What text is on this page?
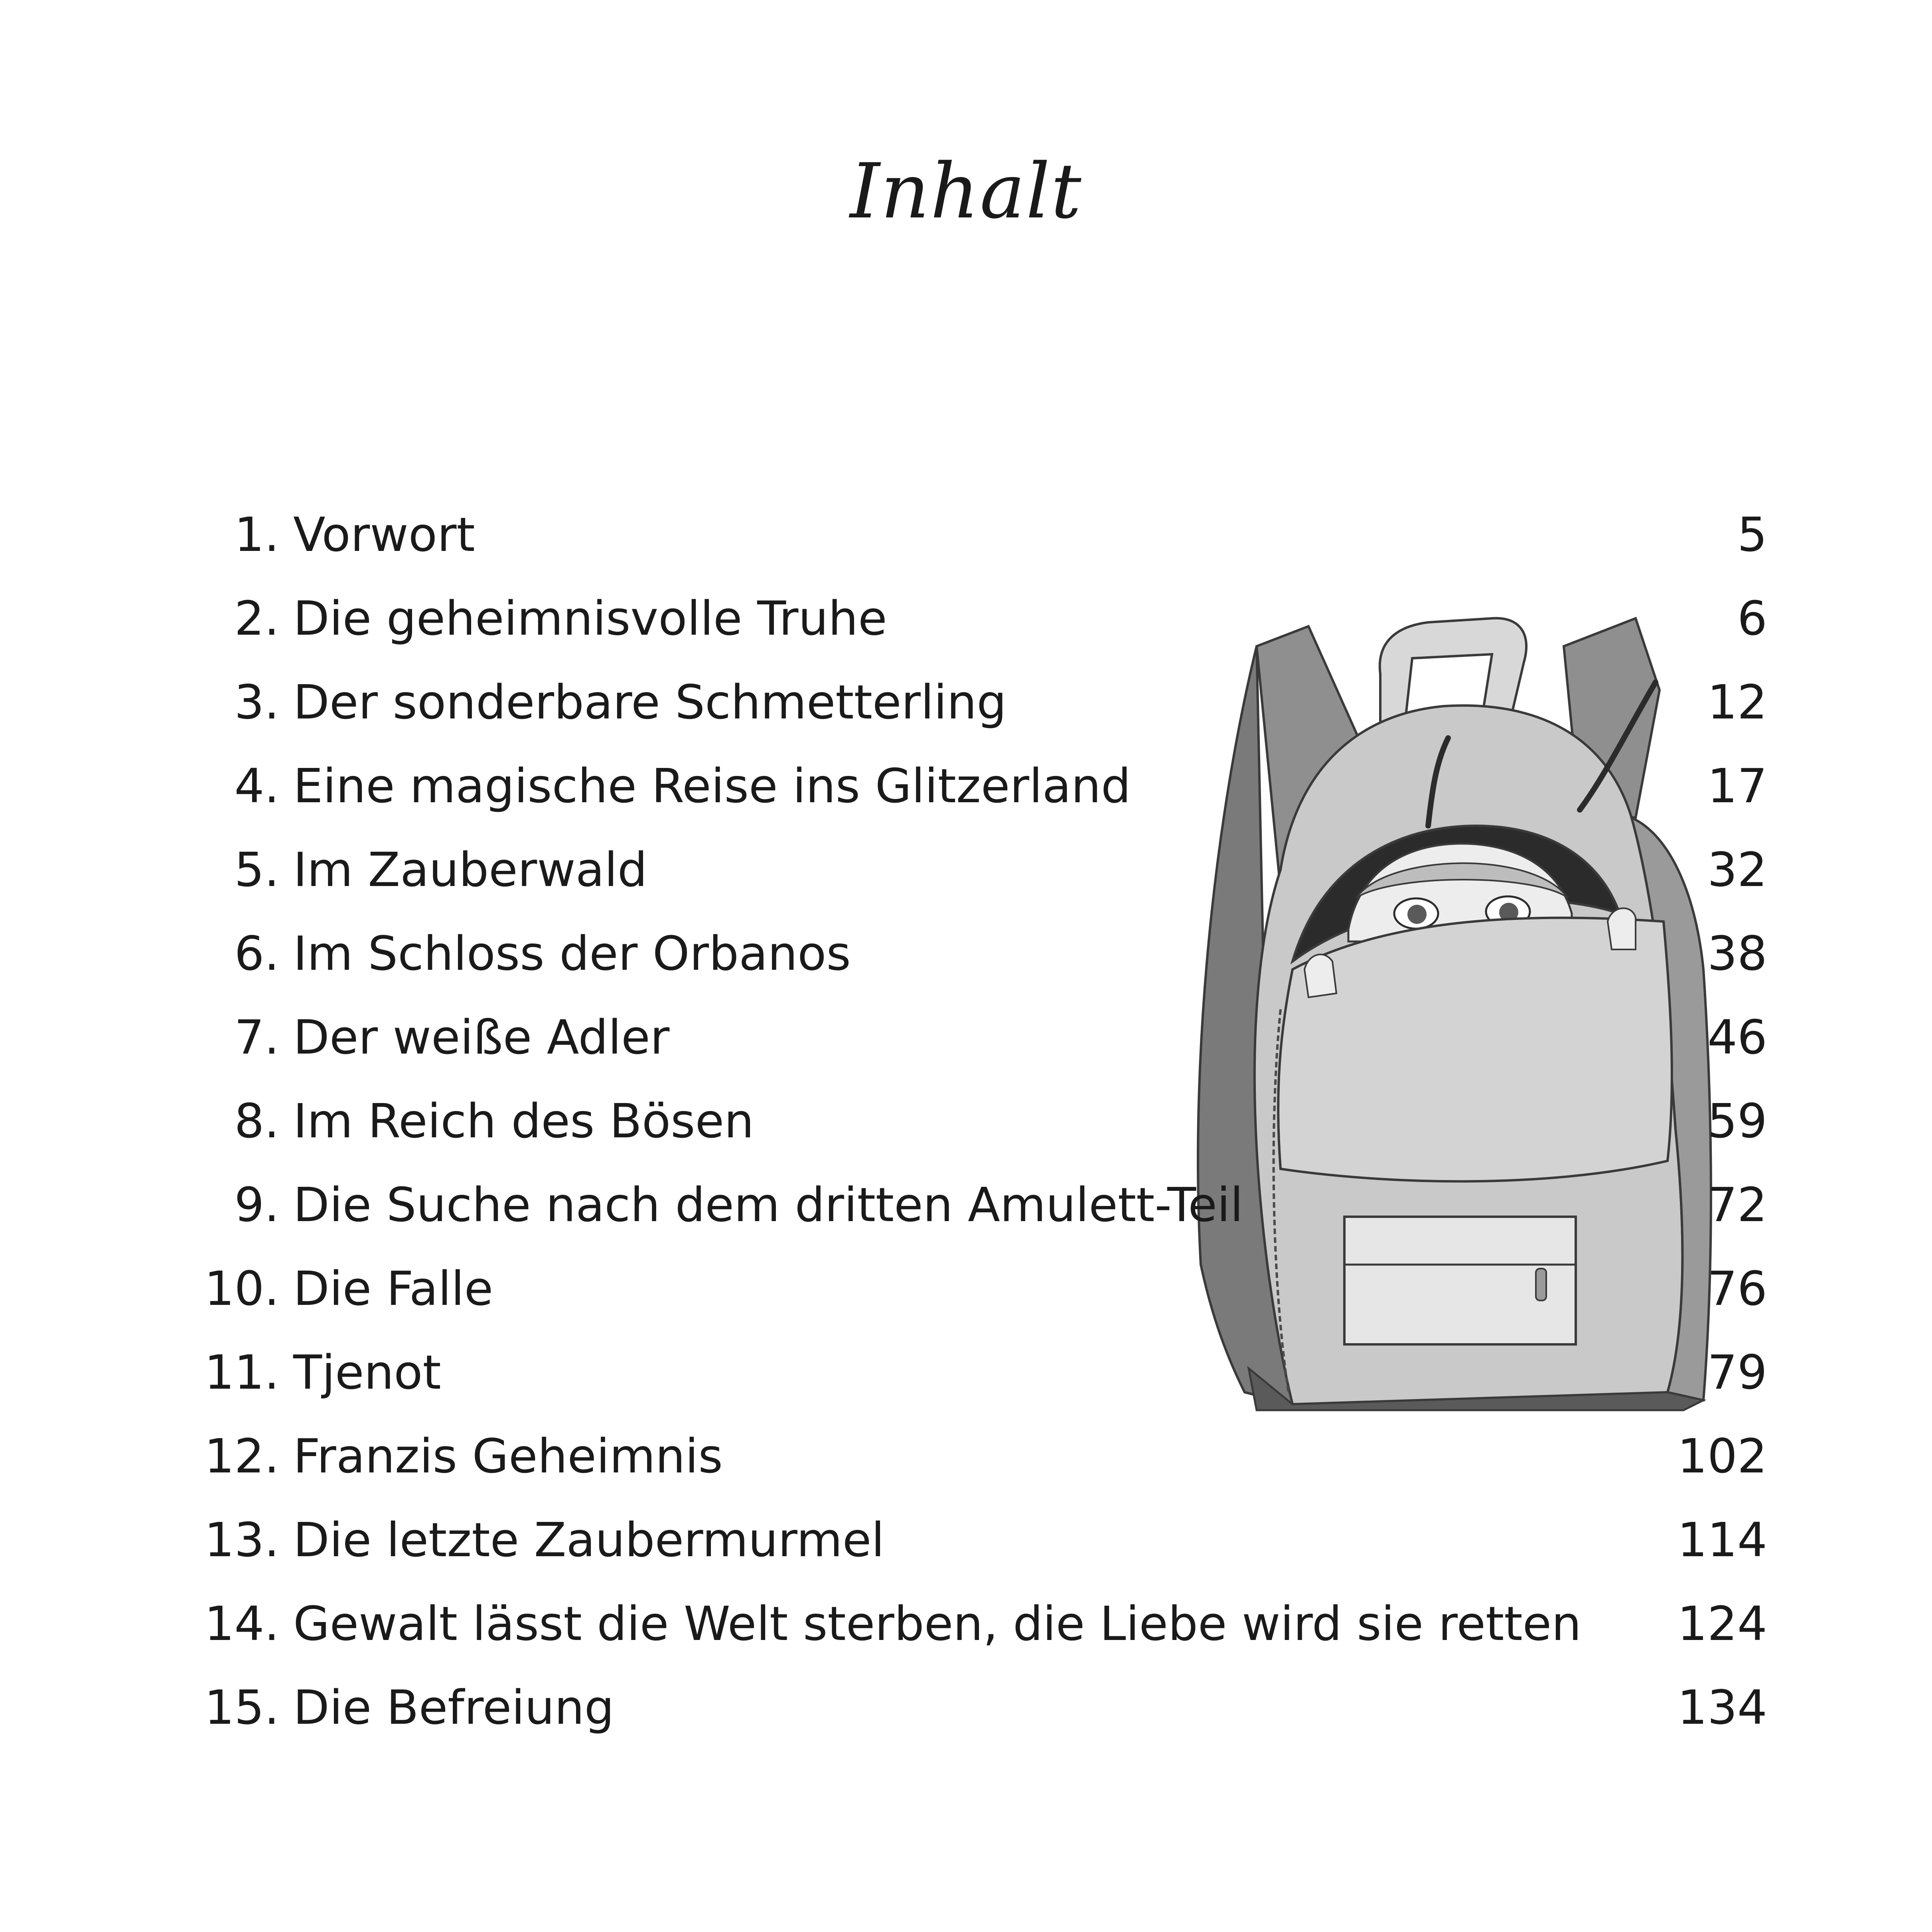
Inhalt
1. Vorwort	5
2. Die geheimnisvolle Truhe	6
3. Der sonderbare Schmetterling	12
4. Eine magische Reise ins Glitzerland	17
5. Im Zauberwald	32
6. Im Schloss der Orbanos	38
7. Der weiße Adler	46
8. Im Reich des Bösen	59
9. Die Suche nach dem dritten Amulett-Teil	72
10. Die Falle	76
11. Tjenot	79
12. Franzis Geheimnis	102
13. Die letzte Zaubermurmel	114
14. Gewalt lässt die Welt sterben, die Liebe wird sie retten	124
15. Die Befreiung	134
